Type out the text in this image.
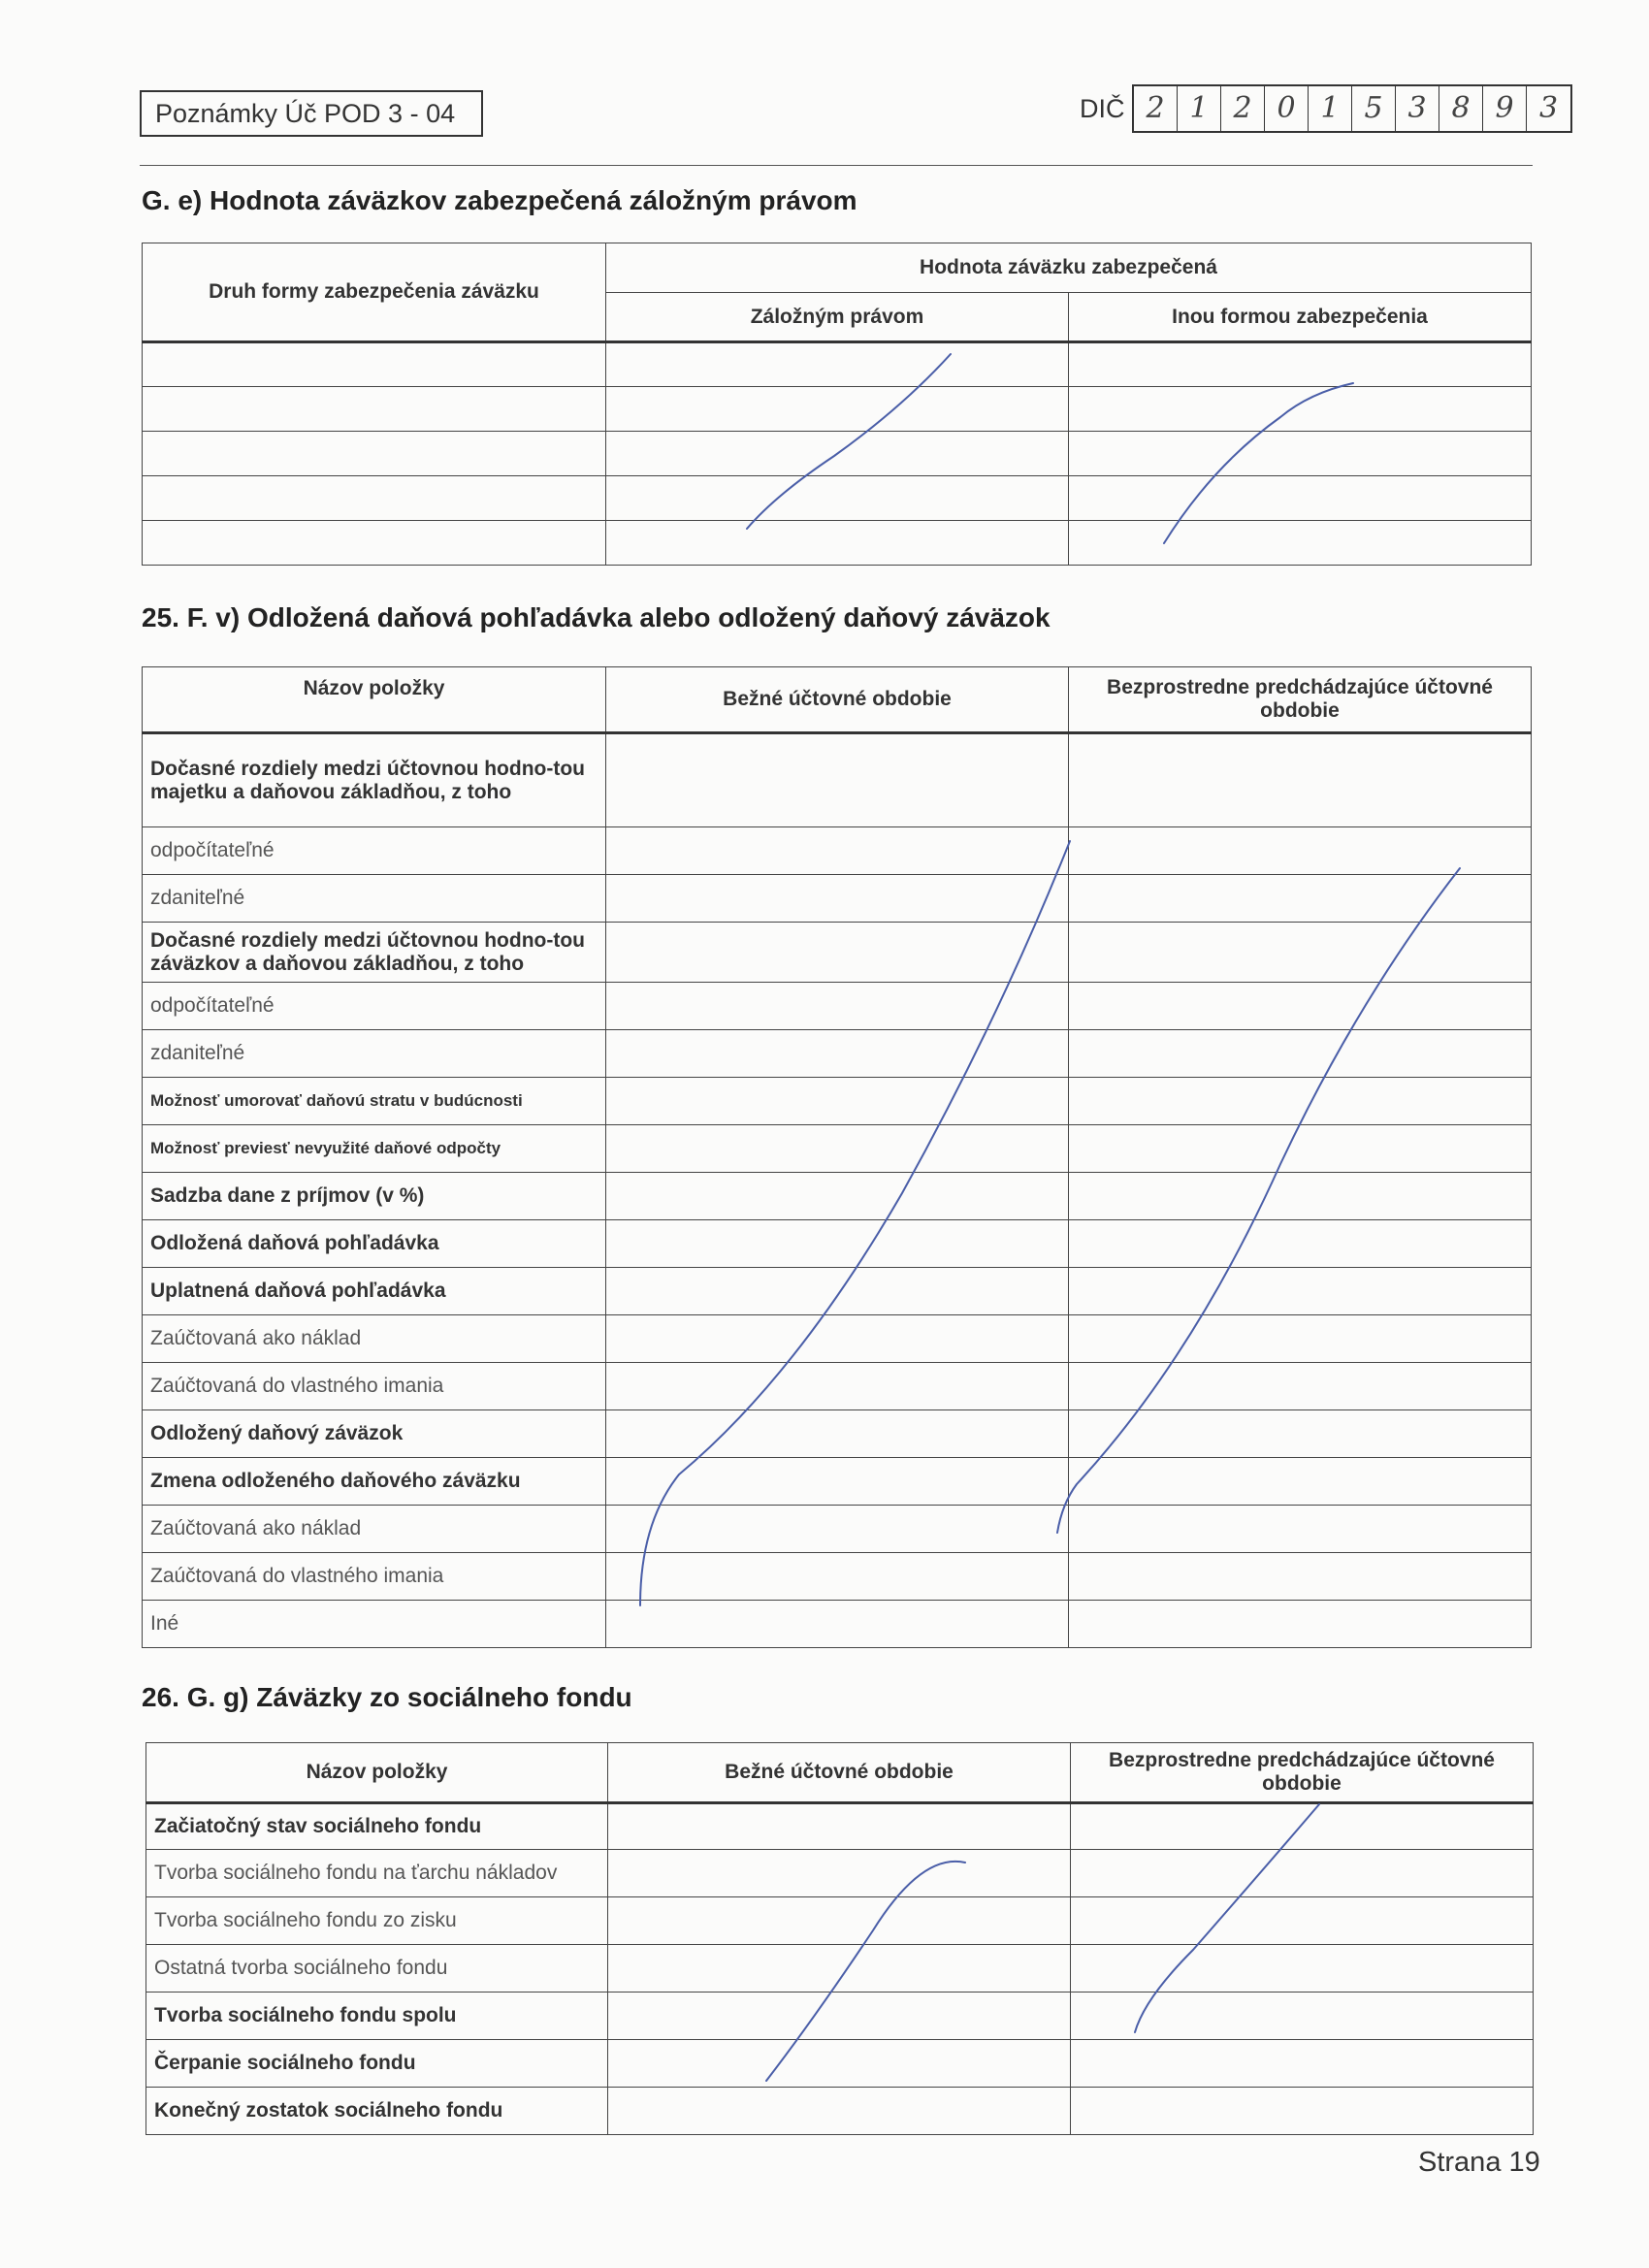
Poznámky Úč POD 3 - 04	DIČ 2 1 2 0 1 5 3 8 9 3
G. e) Hodnota záväzkov zabezpečená záložným právom
Druh formy zabezpečenia záväzku	Hodnota záväzku zabezpečená	
	Záložným právom	Inou formou zabezpečenia

25. F. v) Odložená daňová pohľadávka alebo odložený daňový záväzok
Názov položky	Bežné účtovné obdobie	Bezprostredne predchádzajúce účtovné obdobie
Dočasné rozdiely medzi účtovnou hodno-tou majetku a daňovou základňou, z toho		
odpočítateľné		
zdaniteľné		
Dočasné rozdiely medzi účtovnou hodno-tou záväzkov a daňovou základňou, z toho		
odpočítateľné		
zdaniteľné		
Možnosť umorovať daňovú stratu v budúcnosti		
Možnosť previesť nevyužité daňové odpočty		
Sadzba dane z príjmov (v %)		
Odložená daňová pohľadávka		
Uplatnená daňová pohľadávka		
Zaúčtovaná ako náklad		
Zaúčtovaná do vlastného imania		
Odložený daňový záväzok		
Zmena odloženého daňového záväzku		
Zaúčtovaná ako náklad		
Zaúčtovaná do vlastného imania		
Iné		
26. G. g) Záväzky zo sociálneho fondu
Názov položky	Bežné účtovné obdobie	Bezprostredne predchádzajúce účtovné obdobie
Začiatočný stav sociálneho fondu		
Tvorba sociálneho fondu na ťarchu nákladov		
Tvorba sociálneho fondu zo zisku		
Ostatná tvorba sociálneho fondu		
Tvorba sociálneho fondu spolu		
Čerpanie sociálneho fondu		
Konečný zostatok sociálneho fondu		
Strana 19
